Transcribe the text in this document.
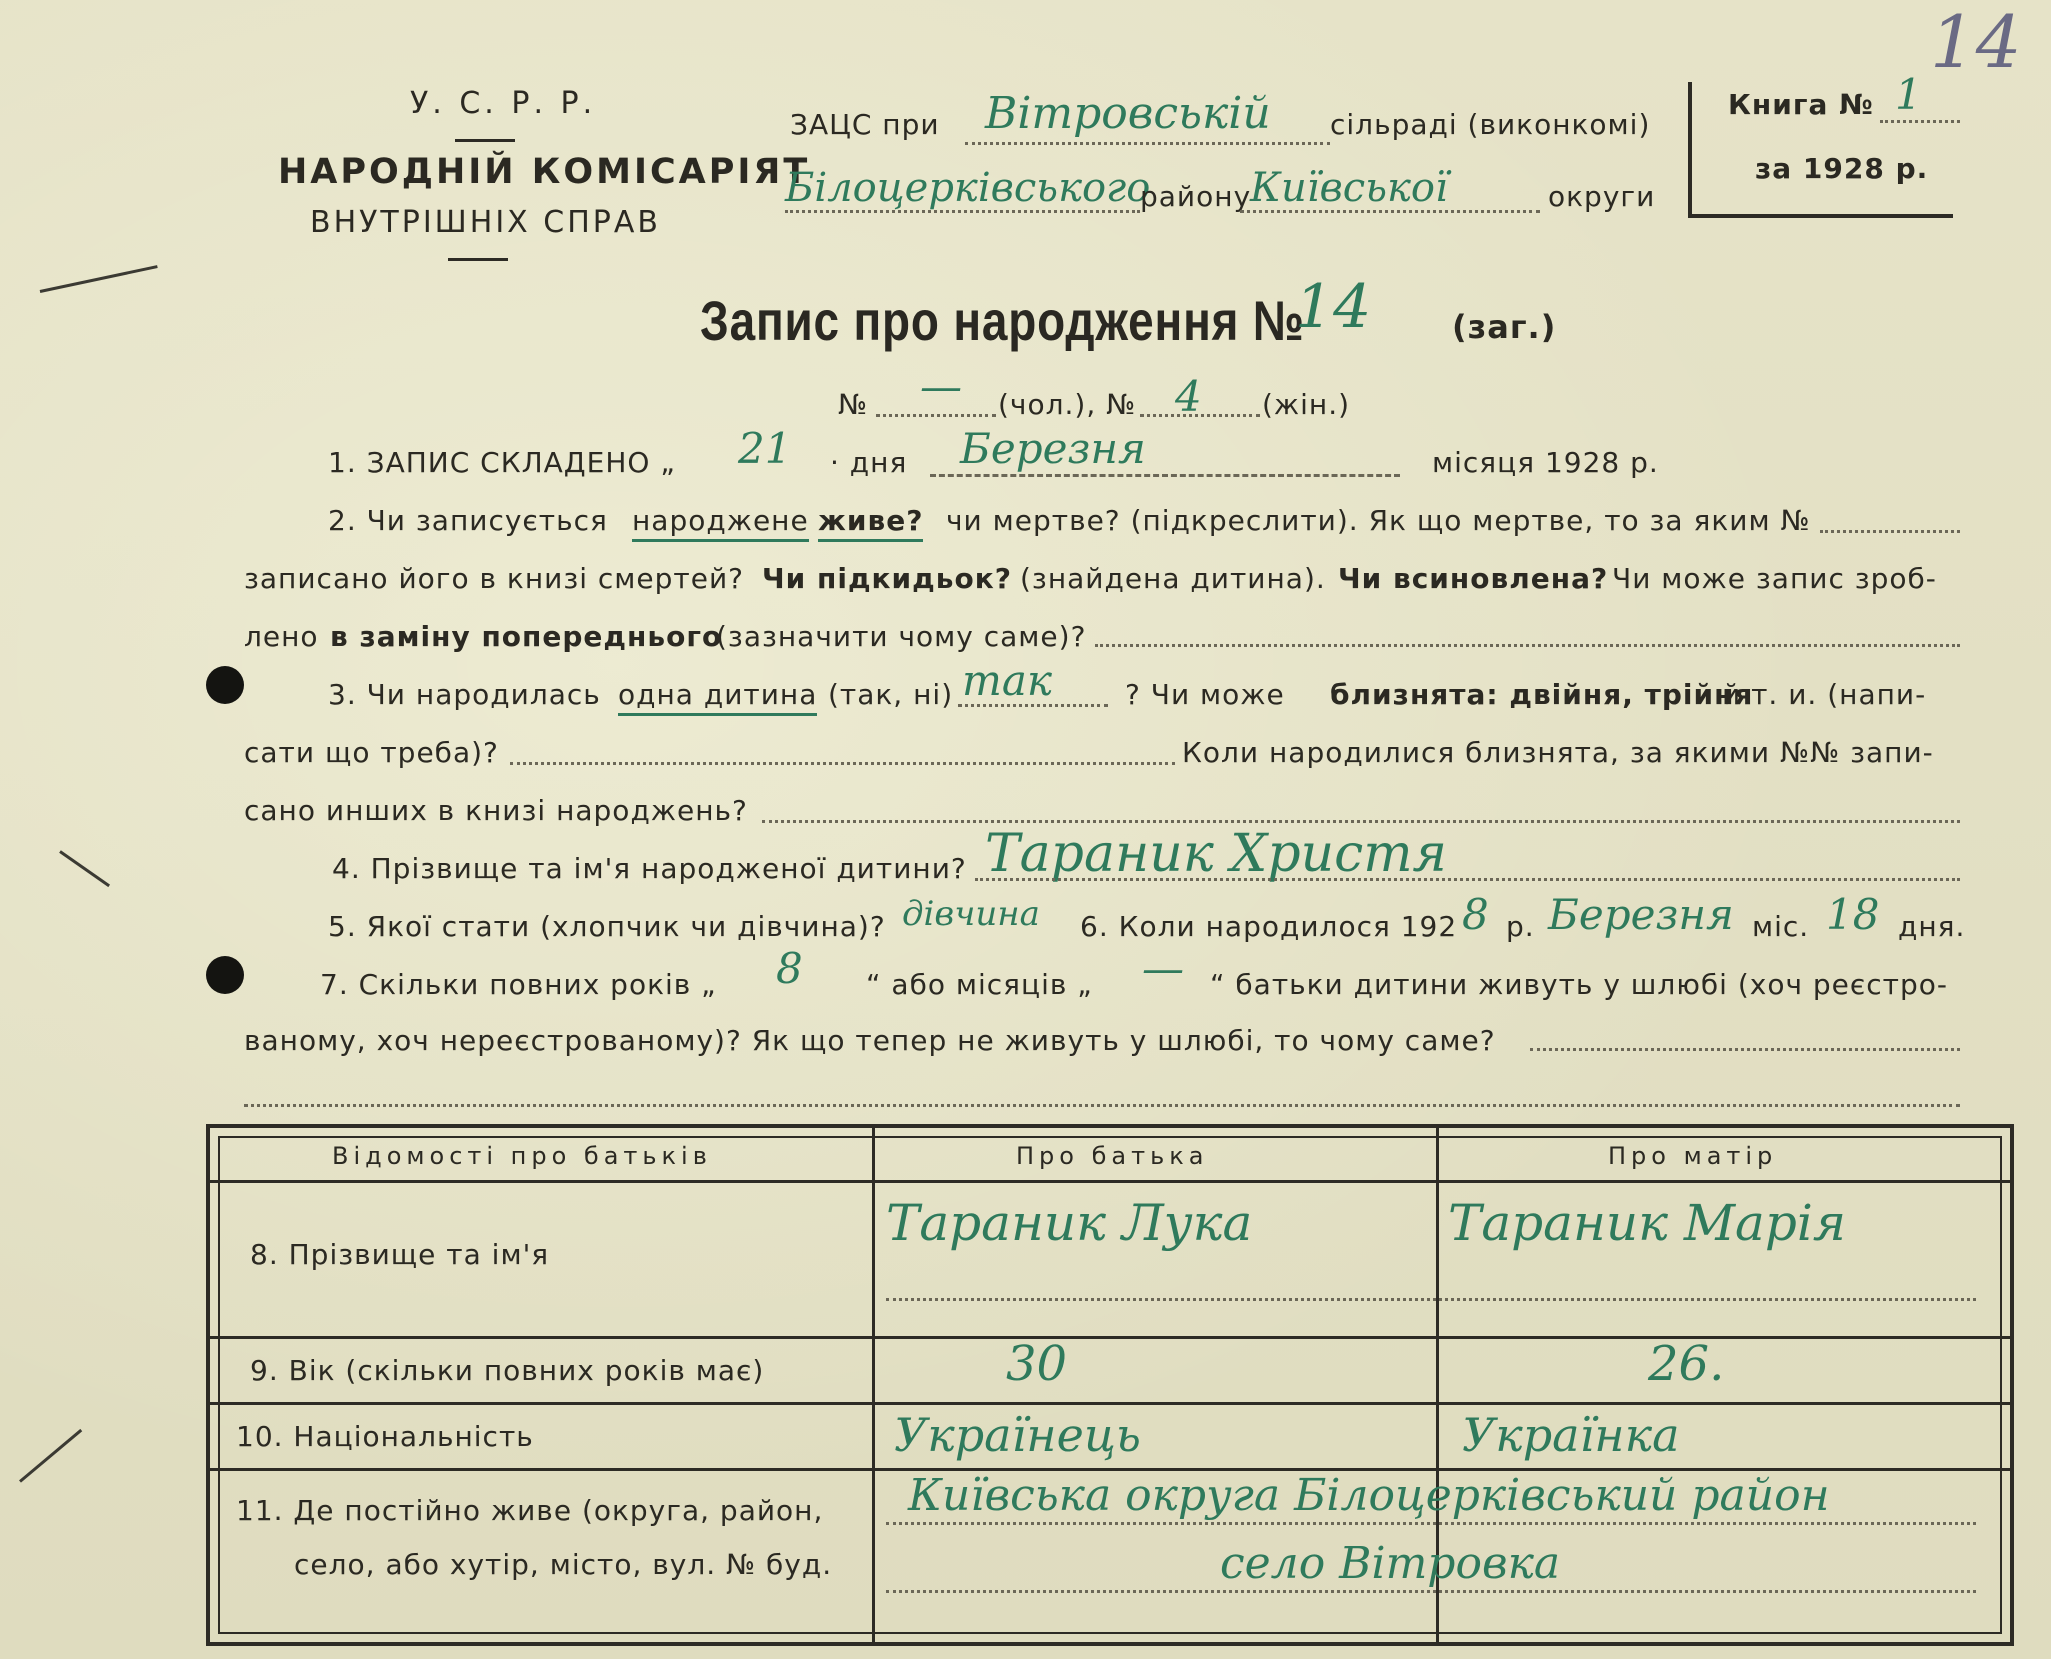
У. С. Р. Р.
НАРОДНІЙ КОМІСАРІЯТ
ВНУТРІШНІХ СПРАВ
ЗАЦС при Вітровській сільраді (виконкомі)
Білоцерківського
району
Київської	округи
Книга № 1
за 1928 р.
14
Запис про народження №
14	(заг.)
№ — (чол.), № 4 (жін.)
1. ЗАПИС СКЛАДЕНО „ 21 · дня Березня	місяця 1928 р.
2. Чи записується народжене живе? чи мертве? (підкреслити). Як що мертве, то за яким №
записано його в книзі смертей? Чи підкидьок? (знайдена дитина). Чи всиновлена? Чи може запис зроб-
лено в заміну попереднього
(зазначити чому саме)?
3. Чи народилась одна дитина (так, ні) так	? Чи може близнята: двійня, трійня
й т. и. (напи-
сати що треба)?	Коли народилися близнята, за якими №№ запи-
сано инших в книзі народжень?
4. Прізвище та ім'я народженої дитини? Тараник Христя
5. Якої стати (хлопчик чи дівчина)? дівчина 6. Коли народилося 192 8 р. Березня міс. 18 дня.
7. Скільки повних років „ 8 “ або місяців „ — “ батьки дитини живуть у шлюбі (хоч реєстро-
ваному, хоч нереєстрованому)? Як що тепер не живуть у шлюбі, то чому саме?
Відомості про батьків	Про батька	Про матір
8. Прізвище та ім'я
Тараник Лука	Тараник Марія
9. Вік (скільки повних років має)	30	26.
10. Національність	Українець	Українка
11. Де постійно живе (округа, район,
село, або хутір, місто, вул. № буд.
Київська округа Білоцерківський район
село Вітровка
